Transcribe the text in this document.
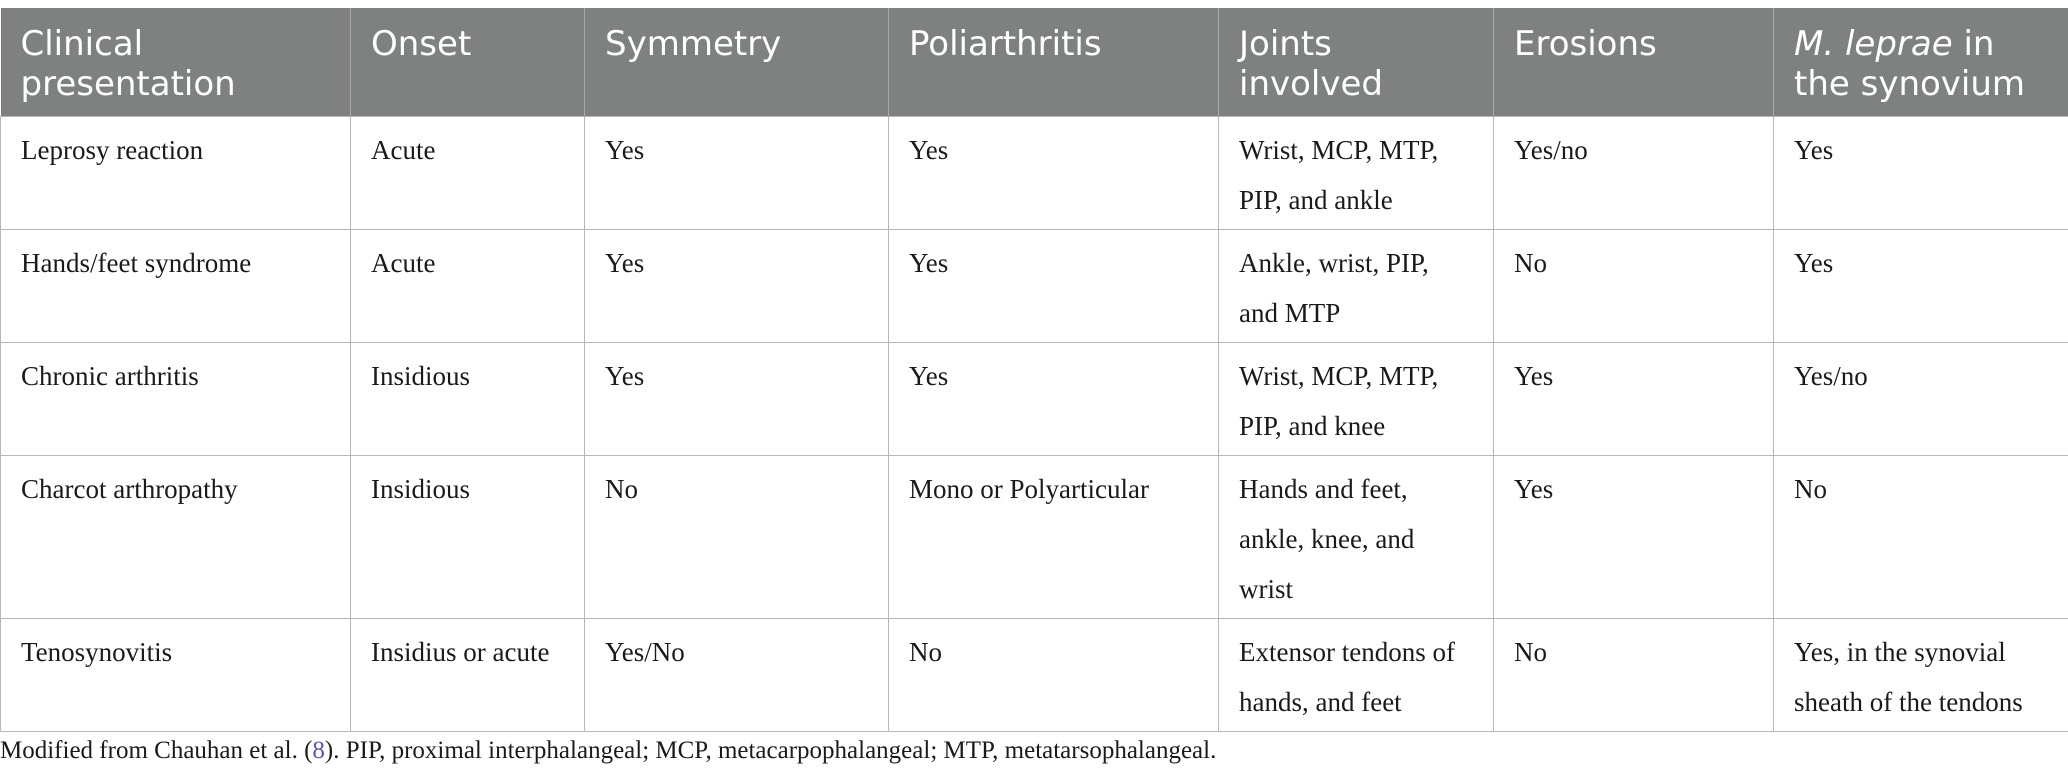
Clinical presentation	Onset	Symmetry	Poliarthritis	Joints involved	Erosions	M. leprae in the synovium
Leprosy reaction	Acute	Yes	Yes	Wrist, MCP, MTP, PIP, and ankle	Yes/no	Yes
Hands/feet syndrome	Acute	Yes	Yes	Ankle, wrist, PIP, and MTP	No	Yes
Chronic arthritis	Insidious	Yes	Yes	Wrist, MCP, MTP, PIP, and knee	Yes	Yes/no
Charcot arthropathy	Insidious	No	Mono or Polyarticular	Hands and feet, ankle, knee, and wrist	Yes	No
Tenosynovitis	Insidius or acute	Yes/No	No	Extensor tendons of hands, and feet	No	Yes, in the synovial sheath of the tendons
Modified from Chauhan et al. (8). PIP, proximal interphalangeal; MCP, metacarpophalangeal; MTP, metatarsophalangeal.
